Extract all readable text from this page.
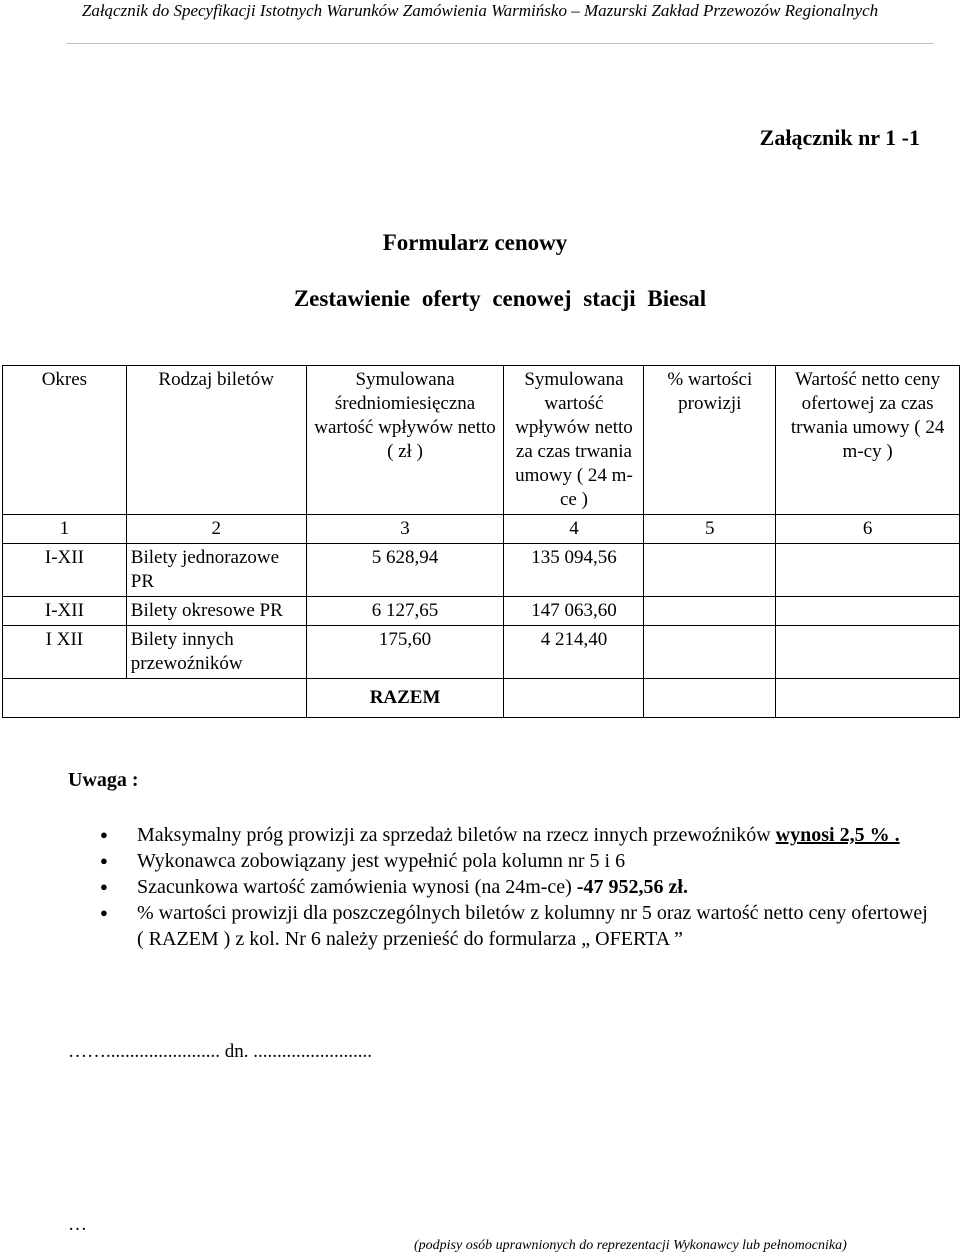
Załącznik do Specyfikacji Istotnych Warunków Zamówienia Warmińsko – Mazurski Zakład Przewozów Regionalnych
Załącznik nr 1 -1
Formularz cenowy
Zestawienie oferty cenowej stacji Biesal
Okres	Rodzaj biletów	Symulowana średniomiesięczna wartość wpływów netto ( zł )	Symulowana wartość wpływów netto za czas trwania umowy ( 24 m-ce )	% wartości prowizji	Wartość netto ceny ofertowej za czas trwania umowy ( 24 m-cy )
1	2	3	4	5	6
I-XII	Bilety jednorazowe PR	5 628,94	135 094,56		
I-XII	Bilety okresowe PR	6 127,65	147 063,60		
I XII	Bilety innych przewoźników	175,60	4 214,40		
		RAZEM			
Uwaga :
● Maksymalny próg prowizji za sprzedaż biletów na rzecz innych przewoźników wynosi 2,5 % .
● Wykonawca zobowiązany jest wypełnić pola kolumn nr 5 i 6
● Szacunkowa wartość zamówienia wynosi (na 24m-ce) -47 952,56 zł.
● % wartości prowizji dla poszczególnych biletów z kolumny nr 5 oraz wartość netto ceny ofertowej ( RAZEM ) z kol. Nr 6 należy przenieść do formularza „ OFERTA ”
……........................ dn. .........................
…
(podpisy osób uprawnionych do reprezentacji Wykonawcy lub pełnomocnika)
